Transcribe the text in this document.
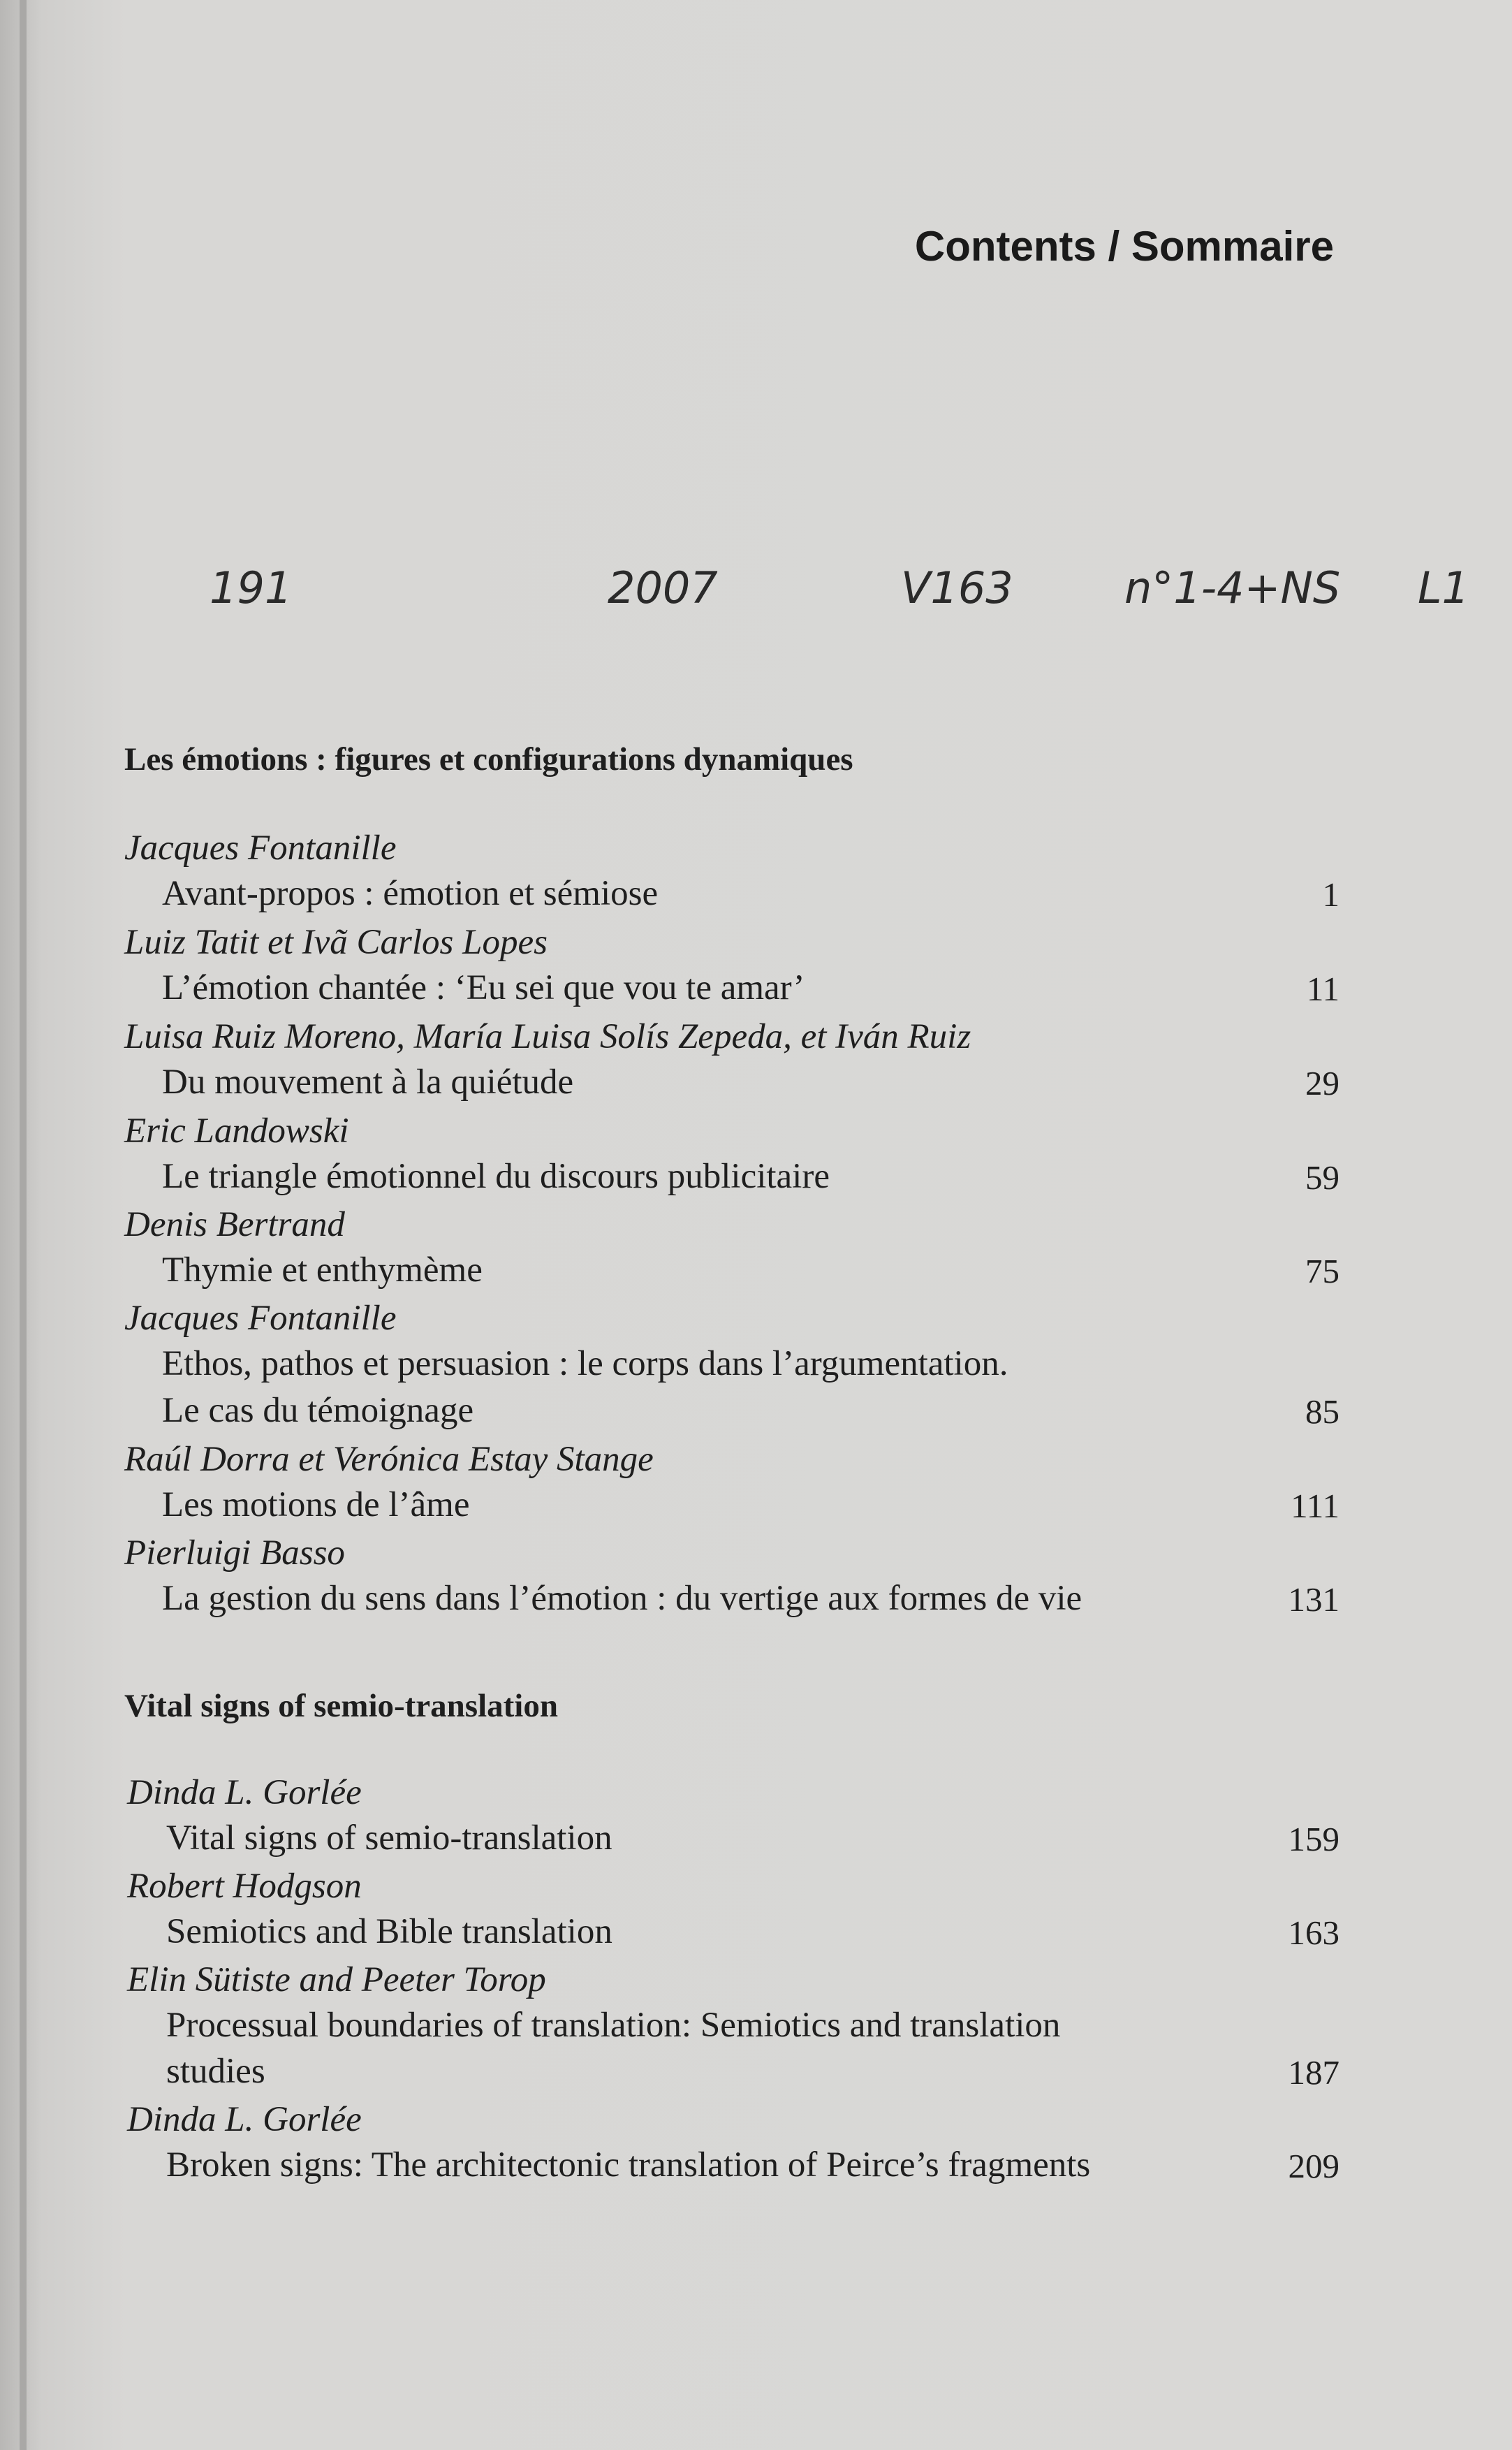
Contents / Sommaire
191	2007	V163	n°1-4+NS L1
Les émotions : figures et configurations dynamiques
Jacques Fontanille
Avant-propos : émotion et sémiose	1
Luiz Tatit et Ivã Carlos Lopes
L’émotion chantée : ‘Eu sei que vou te amar’	11
Luisa Ruiz Moreno, María Luisa Solís Zepeda, et Iván Ruiz
Du mouvement à la quiétude	29
Eric Landowski
Le triangle émotionnel du discours publicitaire	59
Denis Bertrand
Thymie et enthymème	75
Jacques Fontanille
Ethos, pathos et persuasion : le corps dans l’argumentation.
Le cas du témoignage	85
Raúl Dorra et Verónica Estay Stange
Les motions de l’âme	111
Pierluigi Basso
La gestion du sens dans l’émotion : du vertige aux formes de vie	131
Vital signs of semio-translation
Dinda L. Gorlée
Vital signs of semio-translation	159
Robert Hodgson
Semiotics and Bible translation	163
Elin Sütiste and Peeter Torop
Processual boundaries of translation: Semiotics and translation
studies	187
Dinda L. Gorlée
Broken signs: The architectonic translation of Peirce’s fragments	209
